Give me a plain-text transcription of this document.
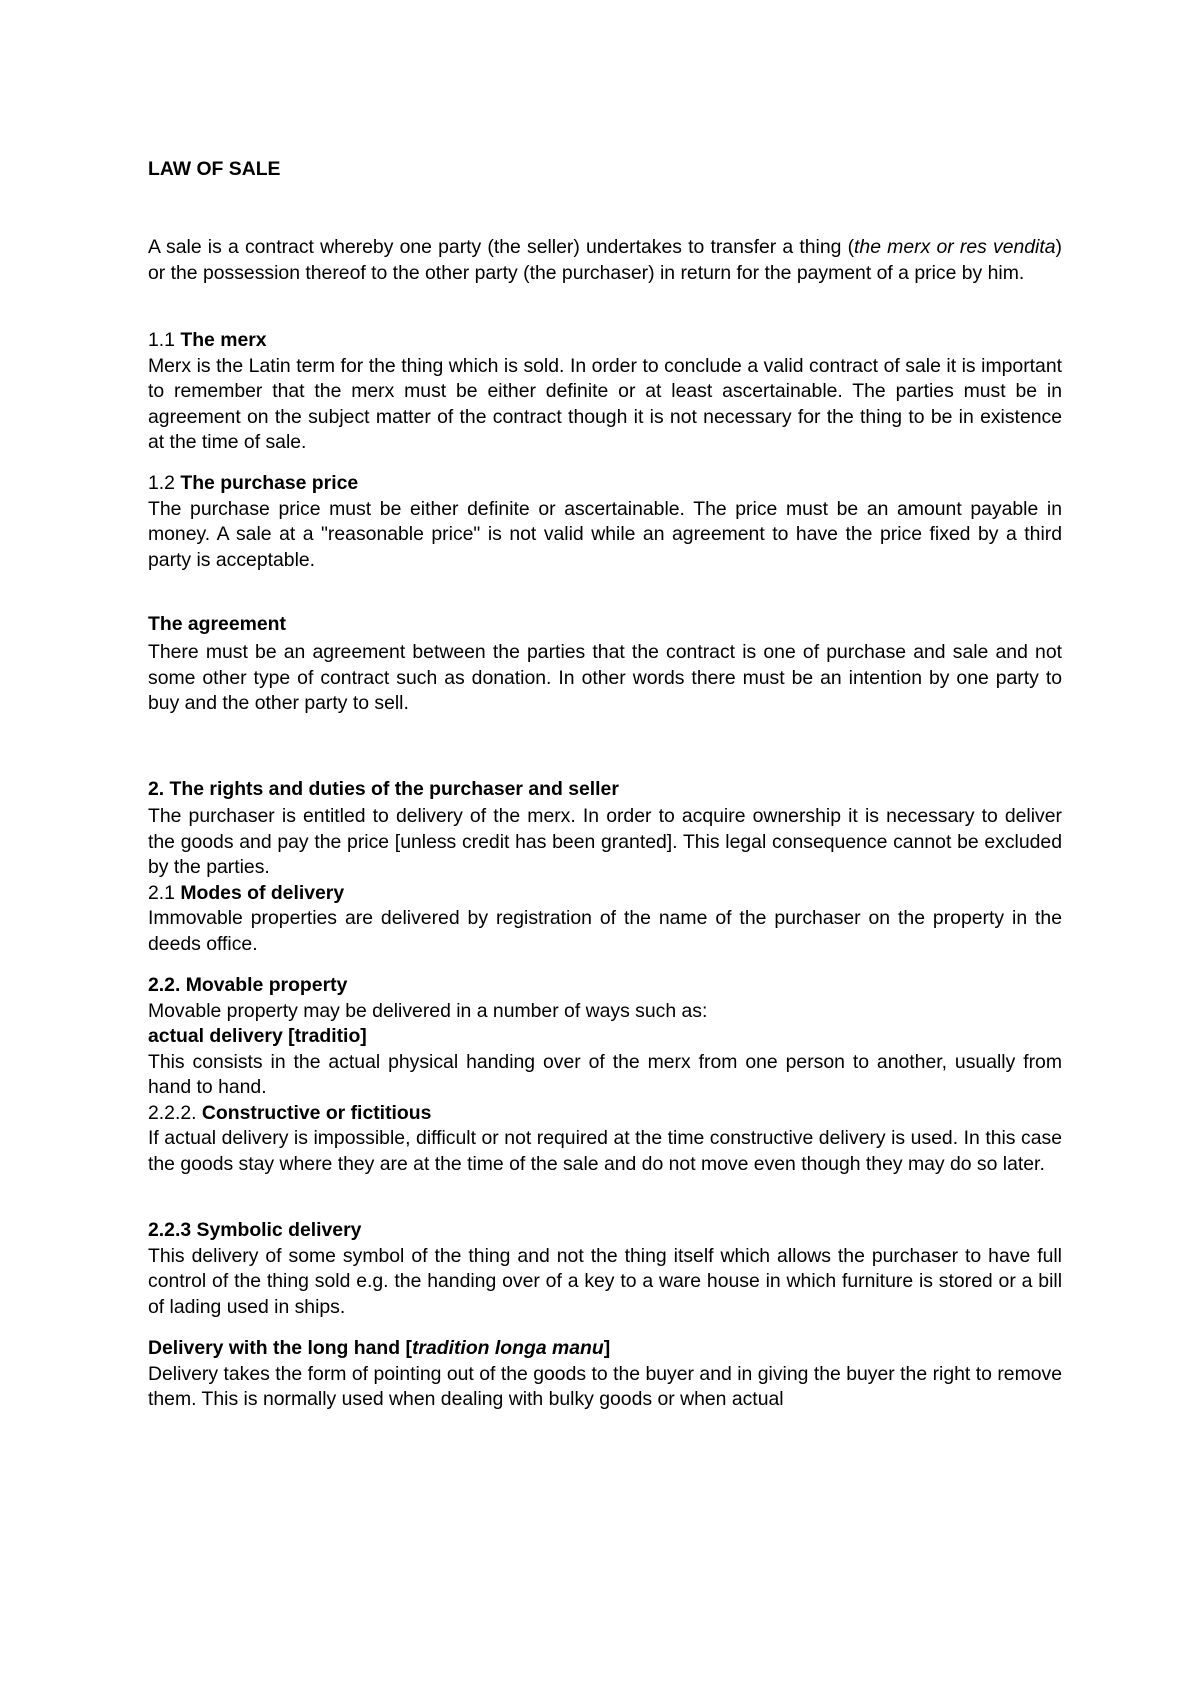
LAW OF SALE
A sale is a contract whereby one party (the seller) undertakes to transfer a thing (the merx or res vendita) or the possession thereof to the other party (the purchaser) in return for the payment of a price by him.
1.1 The merx
Merx is the Latin term for the thing which is sold. In order to conclude a valid contract of sale it is important to remember that the merx must be either definite or at least ascertainable. The parties must be in agreement on the subject matter of the contract though it is not necessary for the thing to be in existence at the time of sale.
1.2 The purchase price
The purchase price must be either definite or ascertainable. The price must be an amount payable in money. A sale at a "reasonable price" is not valid while an agreement to have the price fixed by a third party is acceptable.
The agreement
There must be an agreement between the parties that the contract is one of purchase and sale and not some other type of contract such as donation. In other words there must be an intention by one party to buy and the other party to sell.
2. The rights and duties of the purchaser and seller
The purchaser is entitled to delivery of the merx. In order to acquire ownership it is necessary to deliver the goods and pay the price [unless credit has been granted]. This legal consequence cannot be excluded by the parties.
2.1 Modes of delivery
Immovable properties are delivered by registration of the name of the purchaser on the property in the deeds office.
2.2. Movable property
Movable property may be delivered in a number of ways such as:
actual delivery [traditio]
This consists in the actual physical handing over of the merx from one person to another, usually from hand to hand.
2.2.2. Constructive or fictitious
If actual delivery is impossible, difficult or not required at the time constructive delivery is used. In this case the goods stay where they are at the time of the sale and do not move even though they may do so later.
2.2.3 Symbolic delivery
This delivery of some symbol of the thing and not the thing itself which allows the purchaser to have full control of the thing sold e.g. the handing over of a key to a ware house in which furniture is stored or a bill of lading used in ships.
Delivery with the long hand [tradition longa manu]
Delivery takes the form of pointing out of the goods to the buyer and in giving the buyer the right to remove them. This is normally used when dealing with bulky goods or when actual
